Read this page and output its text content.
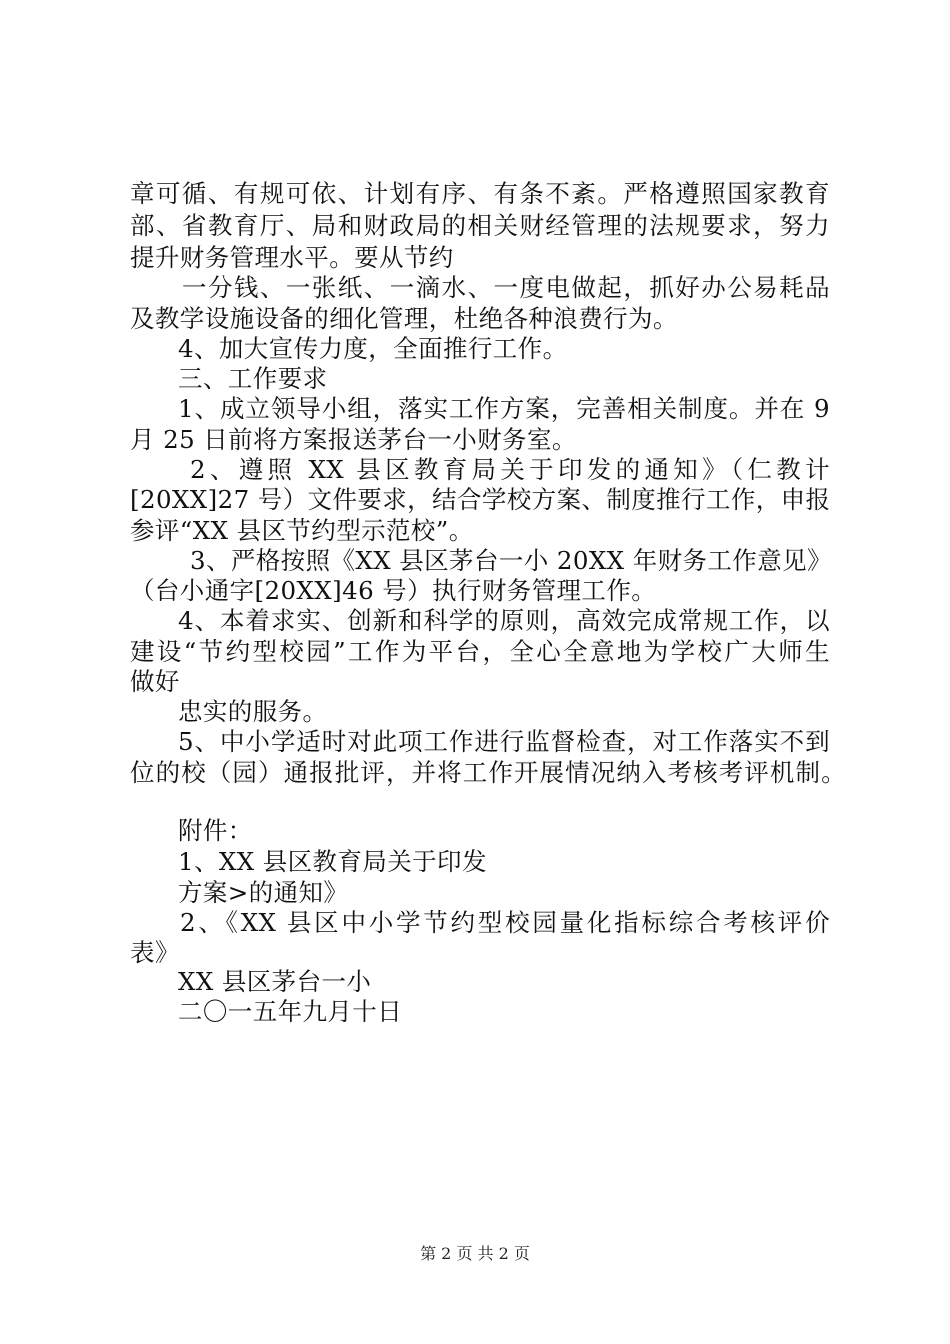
章可循、有规可依、计划有序、有条不紊。严格遵照国家教育
部、省教育厅、局和财政局的相关财经管理的法规要求，努力
提升财务管理水平。要从节约
一分钱、一张纸、一滴水、一度电做起，抓好办公易耗品
及教学设施设备的细化管理，杜绝各种浪费行为。
4、加大宣传力度，全面推行工作。
三、工作要求
1、成立领导小组，落实工作方案，完善相关制度。并在 9
月 25 日前将方案报送茅台一小财务室。
2、遵照 XX 县区教育局关于印发的通知》（仁教计
[20XX]27 号）文件要求，结合学校方案、制度推行工作，申报
参评“XX 县区节约型示范校”。
3、严格按照《XX 县区茅台一小 20XX 年财务工作意见》
（台小通字[20XX]46 号）执行财务管理工作。
4、本着求实、创新和科学的原则，高效完成常规工作，以
建设“节约型校园”工作为平台，全心全意地为学校广大师生
做好
忠实的服务。
5、中小学适时对此项工作进行监督检查，对工作落实不到
位的校（园）通报批评，并将工作开展情况纳入考核考评机制。
附件：
1、XX 县区教育局关于印发
方案>的通知》
2、《XX 县区中小学节约型校园量化指标综合考核评价
表》
XX 县区茅台一小
二〇一五年九月十日
第 2 页 共 2 页
